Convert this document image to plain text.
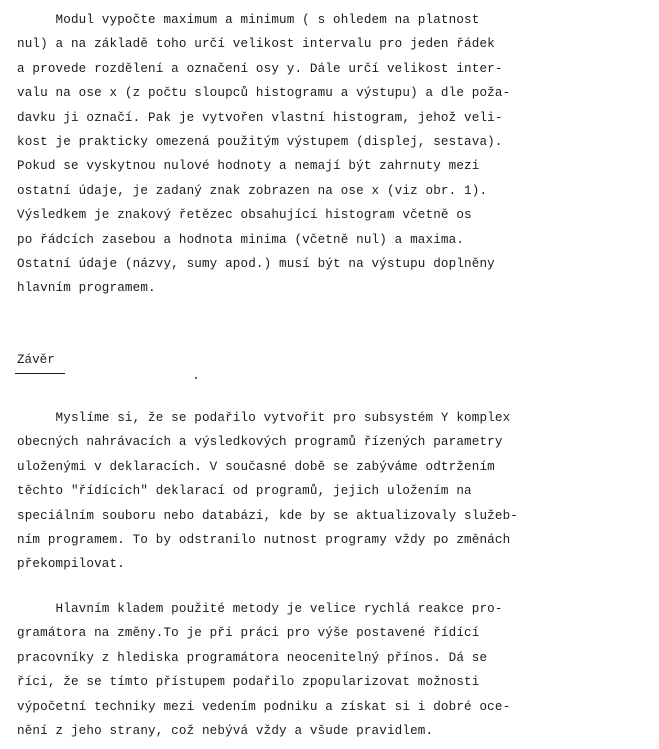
Modul vypočte maximum a minimum ( s ohledem na platnost
nul) a na základě toho určí velikost intervalu pro jeden řádek
a provede rozdělení a označení osy y. Dále určí velikost inter-
valu na ose x (z počtu sloupců histogramu a výstupu) a dle poža-
davku ji označí. Pak je vytvořen vlastní histogram, jehož veli-
kost je prakticky omezená použitým výstupem (displej, sestava).
Pokud se vyskytnou nulové hodnoty a nemají být zahrnuty mezi
ostatní údaje, je zadaný znak zobrazen na ose x (viz obr. 1).
Výsledkem je znakový řetězec obsahující histogram včetně os
po řádcích zasebou a hodnota minima (včetně nul) a maxima.
Ostatní údaje (názvy, sumy apod.) musí být na výstupu doplněny
hlavním programem.
Závěr
Myslíme si, že se podařilo vytvořit pro subsystém Y komplex
obecných nahrávacích a výsledkových programů řízených parametry
uloženými v deklaracích. V současné době se zabýváme odtržením
těchto "řídících" deklarací od programů, jejich uložením na
speciálním souboru nebo databázi, kde by se aktualizovaly služeb-
ním programem. To by odstranilo nutnost programy vždy po změnách
překompilovat.
Hlavním kladem použité metody je velice rychlá reakce pro-
gramátora na změny.To je při práci pro výše postavené řídící
pracovníky z hlediska programátora neocenitelný přínos. Dá se
říci, že se tímto přístupem podařilo zpopularizovat možnosti
výpočetní techniky mezi vedením podniku a získat si i dobré oce-
nění z jeho strany, což nebývá vždy a všude pravidlem.
